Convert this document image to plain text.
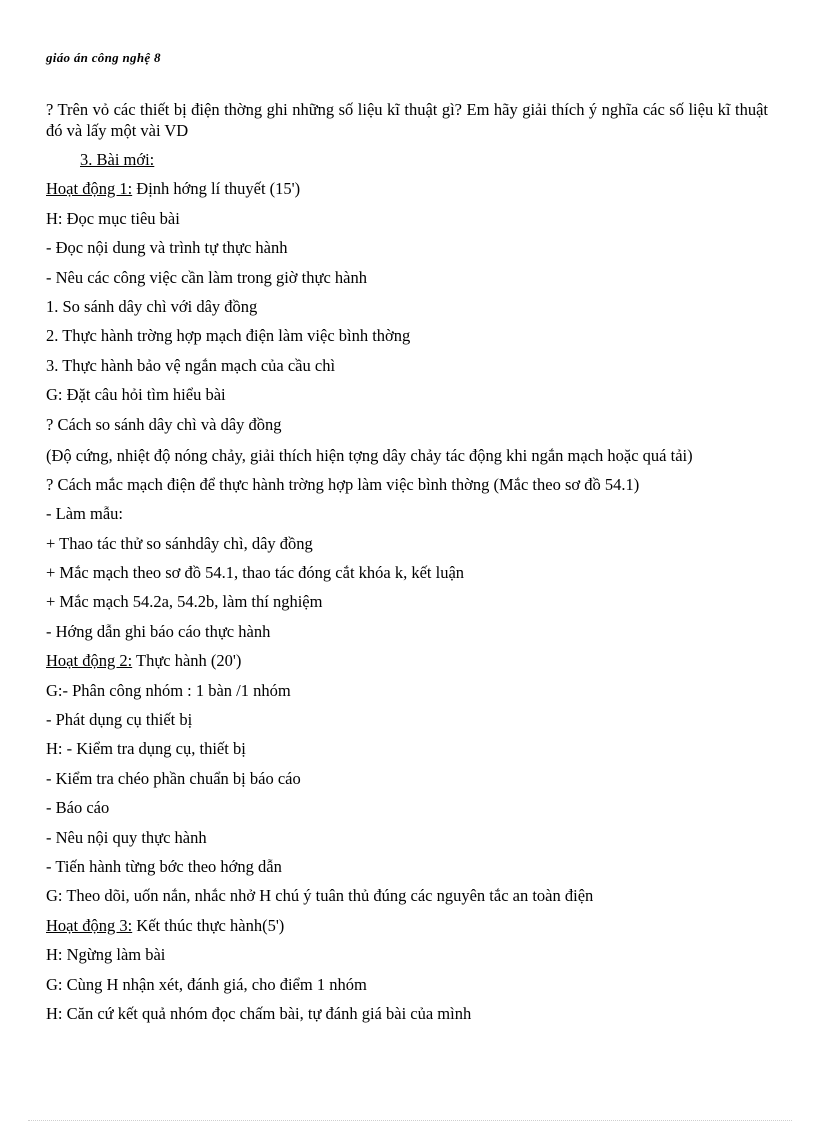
giáo án công nghệ 8

? Trên vỏ các thiết bị điện thờng ghi những số liệu kĩ thuật gì? Em hãy giải thích ý nghĩa các số liệu kĩ thuật đó và lấy một vài VD

3. Bài mới:
Hoạt động 1: Định hớng lí thuyết (15')
H: Đọc mục tiêu bài
- Đọc nội dung và trình tự thực hành
- Nêu các công việc cần làm trong giờ thực hành
1. So sánh dây chì với dây đồng
2. Thực hành trờng hợp mạch điện làm việc bình thờng
3. Thực hành bảo vệ ngắn mạch của cầu chì
G: Đặt câu hỏi tìm hiểu bài
? Cách so sánh dây chì và dây đồng

(Độ cứng, nhiệt độ nóng chảy, giải thích hiện tợng dây chảy tác động khi ngắn mạch hoặc quá tải)

? Cách mắc mạch điện để thực hành trờng hợp làm việc bình thờng (Mắc theo sơ đồ 54.1)
- Làm mẫu:
+ Thao tác thử so sánhdây chì, dây đồng
+ Mắc mạch theo sơ đồ 54.1, thao tác đóng cắt khóa k, kết luận
+ Mắc mạch 54.2a, 54.2b, làm thí nghiệm
- Hớng dẫn ghi báo cáo thực hành
Hoạt động 2: Thực hành (20')
G:- Phân công nhóm : 1 bàn /1 nhóm
- Phát dụng cụ thiết bị
H: - Kiểm tra dụng cụ, thiết bị
- Kiểm tra chéo phần chuẩn bị báo cáo
- Báo cáo
- Nêu nội quy thực hành
- Tiến hành từng bớc theo hớng dẫn
G: Theo dõi, uốn nắn, nhắc nhở H chú ý tuân thủ đúng các nguyên tắc an toàn điện
Hoạt động 3: Kết thúc thực hành(5')
H: Ngừng làm bài
G: Cùng H nhận xét, đánh giá, cho điểm 1 nhóm
H: Căn cứ kết quả nhóm đọc chấm bài, tự đánh giá bài của mình
